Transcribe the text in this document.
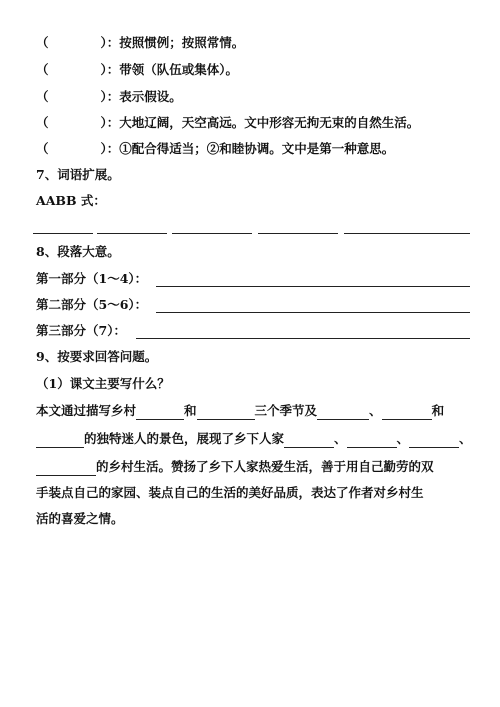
（	）：按照惯例；按照常情。
（	）：带领（队伍或集体）。
（	）：表示假设。
（	）：大地辽阔，天空高远。文中形容无拘无束的自然生活。
（	）：①配合得适当；②和睦协调。文中是第一种意思。
7、词语扩展。
AABB 式：
8、段落大意。
第一部分（1～4）：
第二部分（5～6）：
第三部分（7）：
9、按要求回答问题。
（1）课文主要写什么？
本文通过描写乡村	和	三个季节及	、	和
的独特迷人的景色，展现了乡下人家	、	、	、
的乡村生活。赞扬了乡下人家热爱生活，善于用自己勤劳的双
手装点自己的家园、装点自己的生活的美好品质，表达了作者对乡村生
活的喜爱之情。
